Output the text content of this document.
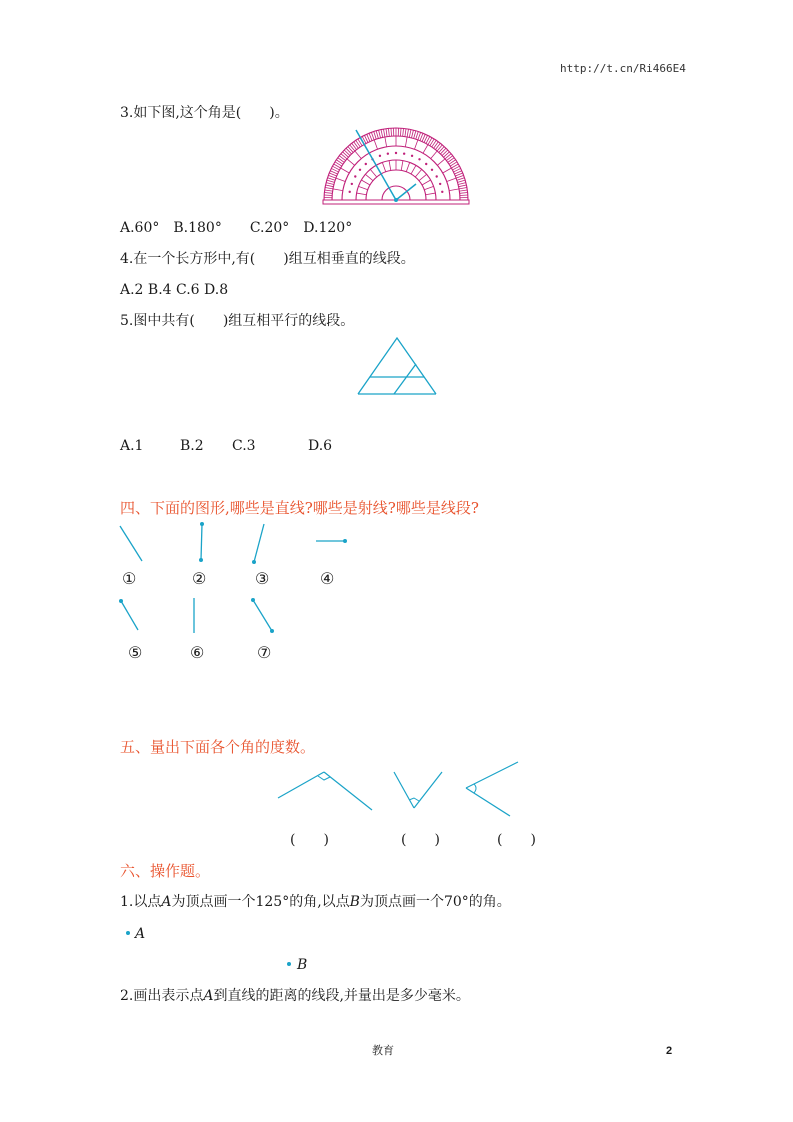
http://t.cn/Ri466E4
3.如下图,这个角是(　　)。
A.60°　B.180°　　C.20°　D.120°
4.在一个长方形中,有(　　)组互相垂直的线段。
A.2 B.4 C.6 D.8
5.图中共有(　　)组互相平行的线段。
A.1	B.2 C.3	D.6
四、下面的图形,哪些是直线?哪些是射线?哪些是线段?
①	②	③	④
⑤	⑥	⑦
五、量出下面各个角的度数。
(　　)	(　　)	(　　)
六、操作题。
1.以点A为顶点画一个125°的角,以点B为顶点画一个70°的角。
A
B
2.画出表示点A到直线的距离的线段,并量出是多少毫米。
教育	2
